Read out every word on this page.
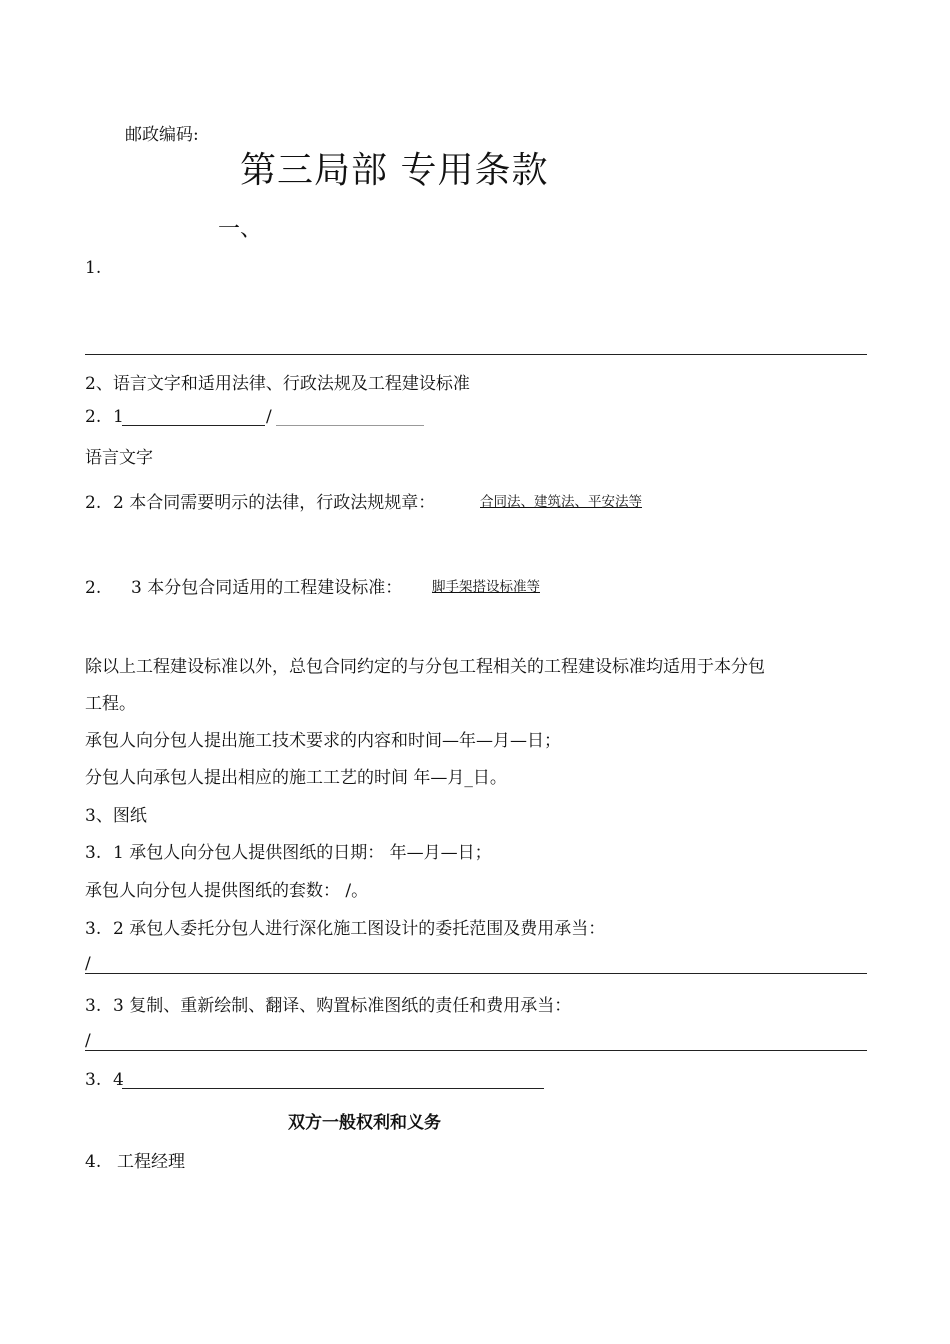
邮政编码:
第三局部 专用条款
一、
1.
2、语言文字和适用法律、行政法规及工程建设标准
2. 1	/
语言文字
2. 2 本合同需要明示的法律，行政法规规章：	合同法、建筑法、平安法等
2. 3 本分包合同适用的工程建设标准： 脚手架搭设标准等
除以上工程建设标准以外，总包合同约定的与分包工程相关的工程建设标准均适用于本分包
工程。
承包人向分包人提出施工技术要求的内容和时间—年—月—日；
分包人向承包人提出相应的施工工艺的时间 年—月_日。
3、图纸
3. 1 承包人向分包人提供图纸的日期： 年—月—日；
承包人向分包人提供图纸的套数： /。
3. 2 承包人委托分包人进行深化施工图设计的委托范围及费用承当：
/
3. 3 复制、重新绘制、翻译、购置标准图纸的责任和费用承当：
/
3. 4
双方一般权利和义务
4. 工程经理
